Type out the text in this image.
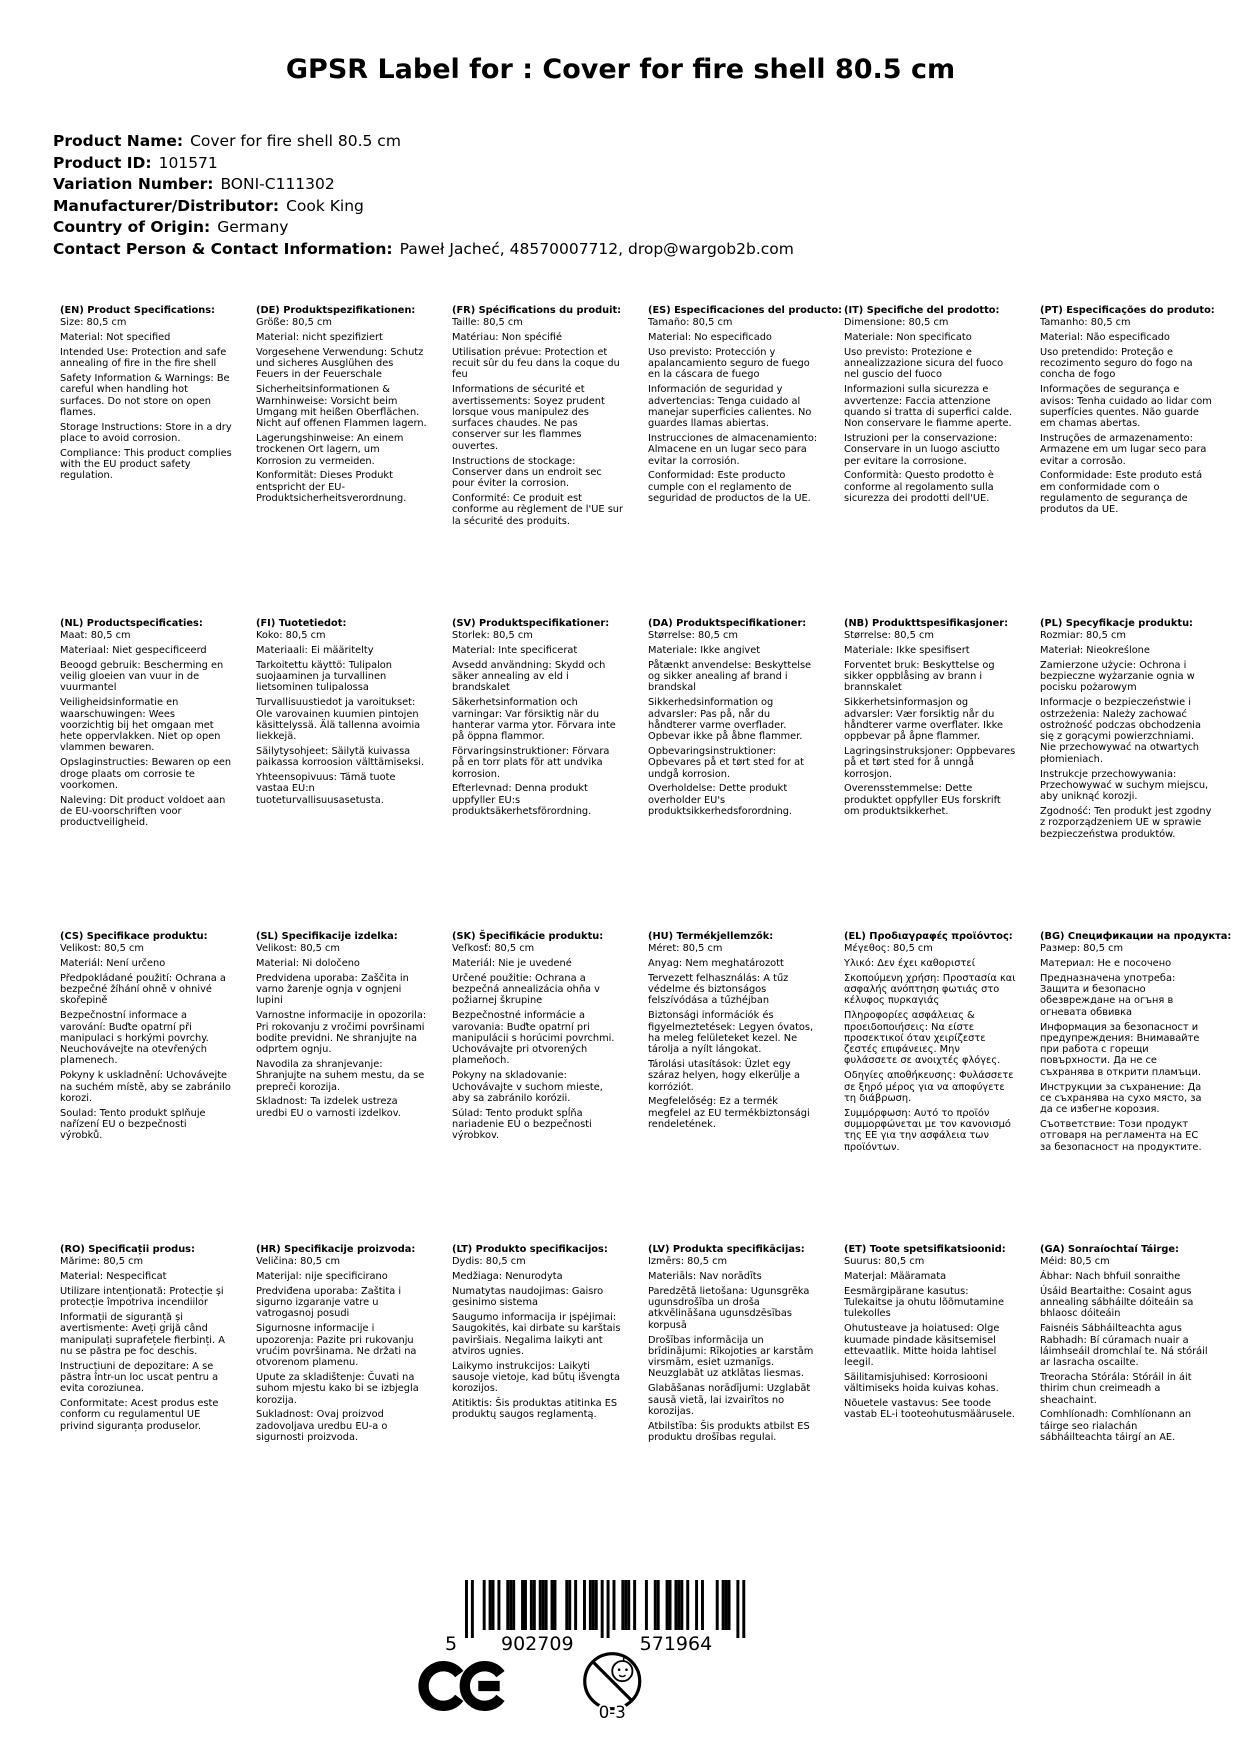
GPSR Label for : Cover for fire shell 80.5 cm
Product Name: Cover for fire shell 80.5 cm
Product ID: 101571
Variation Number: BONI-C111302
Manufacturer/Distributor: Cook King
Country of Origin: Germany
Contact Person & Contact Information: Paweł Jacheć, 48570007712, drop@wargob2b.com
(EN) Product Specifications:

Size: 80,5 cm

Material: Not specified

Intended Use: Protection and safe annealing of fire in the fire shell

Safety Information & Warnings: Be careful when handling hot surfaces. Do not store on open flames.

Storage Instructions: Store in a dry place to avoid corrosion.

Compliance: This product complies with the EU product safety regulation.

(DE) Produktspezifikationen:

Größe: 80,5 cm

Material: nicht spezifiziert

Vorgesehene Verwendung: Schutz und sicheres Ausglühen des Feuers in der Feuerschale

Sicherheitsinformationen & Warnhinweise: Vorsicht beim Umgang mit heißen Oberflächen. Nicht auf offenen Flammen lagern.

Lagerungshinweise: An einem trockenen Ort lagern, um Korrosion zu vermeiden.

Konformität: Dieses Produkt entspricht der EU-Produktsicherheitsverordnung.

(FR) Spécifications du produit:

Taille: 80,5 cm

Matériau: Non spécifié

Utilisation prévue: Protection et recuit sûr du feu dans la coque du feu

Informations de sécurité et avertissements: Soyez prudent lorsque vous manipulez des surfaces chaudes. Ne pas conserver sur les flammes ouvertes.

Instructions de stockage: Conserver dans un endroit sec pour éviter la corrosion.

Conformité: Ce produit est conforme au règlement de l'UE sur la sécurité des produits.

(ES) Especificaciones del producto:

Tamaño: 80,5 cm

Material: No especificado

Uso previsto: Protección y apalancamiento seguro de fuego en la cáscara de fuego

Información de seguridad y advertencias: Tenga cuidado al manejar superficies calientes. No guardes llamas abiertas.

Instrucciones de almacenamiento: Almacene en un lugar seco para evitar la corrosión.

Conformidad: Este producto cumple con el reglamento de seguridad de productos de la UE.

(IT) Specifiche del prodotto:

Dimensione: 80,5 cm

Materiale: Non specificato

Uso previsto: Protezione e annealizzazione sicura del fuoco nel guscio del fuoco

Informazioni sulla sicurezza e avvertenze: Faccia attenzione quando si tratta di superfici calde. Non conservare le fiamme aperte.

Istruzioni per la conservazione: Conservare in un luogo asciutto per evitare la corrosione.

Conformità: Questo prodotto è conforme al regolamento sulla sicurezza dei prodotti dell'UE.

(PT) Especificações do produto:

Tamanho: 80,5 cm

Material: Não especificado

Uso pretendido: Proteção e recozimento seguro do fogo na concha de fogo

Informações de segurança e avisos: Tenha cuidado ao lidar com superfícies quentes. Não guarde em chamas abertas.

Instruções de armazenamento: Armazene em um lugar seco para evitar a corrosão.

Conformidade: Este produto está em conformidade com o regulamento de segurança de produtos da UE.

(NL) Productspecificaties:

Maat: 80,5 cm

Materiaal: Niet gespecificeerd

Beoogd gebruik: Bescherming en veilig gloeien van vuur in de vuurmantel

Veiligheidsinformatie en waarschuwingen: Wees voorzichtig bij het omgaan met hete oppervlakken. Niet op open vlammen bewaren.

Opslaginstructies: Bewaren op een droge plaats om corrosie te voorkomen.

Naleving: Dit product voldoet aan de EU-voorschriften voor productveiligheid.

(FI) Tuotetiedot:

Koko: 80,5 cm

Materiaali: Ei määritelty

Tarkoitettu käyttö: Tulipalon suojaaminen ja turvallinen lietsominen tulipalossa

Turvallisuustiedot ja varoitukset: Ole varovainen kuumien pintojen käsittelyssä. Älä tallenna avoimia liekkejä.

Säilytysohjeet: Säilytä kuivassa paikassa korroosion välttämiseksi.

Yhteensopivuus: Tämä tuote vastaa EU:n tuoteturvallisuusasetusta.

(SV) Produktspecifikationer:

Storlek: 80,5 cm

Material: Inte specificerat

Avsedd användning: Skydd och säker annealing av eld i brandskalet

Säkerhetsinformation och varningar: Var försiktig när du hanterar varma ytor. Förvara inte på öppna flammor.

Förvaringsinstruktioner: Förvara på en torr plats för att undvika korrosion.

Efterlevnad: Denna produkt uppfyller EU:s produktsäkerhetsförordning.

(DA) Produktspecifikationer:

Størrelse: 80,5 cm

Materiale: Ikke angivet

Påtænkt anvendelse: Beskyttelse og sikker anealing af brand i brandskal

Sikkerhedsinformation og advarsler: Pas på, når du håndterer varme overflader. Opbevar ikke på åbne flammer.

Opbevaringsinstruktioner: Opbevares på et tørt sted for at undgå korrosion.

Overholdelse: Dette produkt overholder EU's produktsikkerhedsforordning.

(NB) Produkttspesifikasjoner:

Størrelse: 80,5 cm

Materiale: Ikke spesifisert

Forventet bruk: Beskyttelse og sikker oppblåsing av brann i brannskalet

Sikkerhetsinformasjon og advarsler: Vær forsiktig når du håndterer varme overflater. Ikke oppbevar på åpne flammer.

Lagringsinstruksjoner: Oppbevares på et tørt sted for å unngå korrosjon.

Overensstemmelse: Dette produktet oppfyller EUs forskrift om produktsikkerhet.

(PL) Specyfikacje produktu:

Rozmiar: 80,5 cm

Materiał: Nieokreślone

Zamierzone użycie: Ochrona i bezpieczne wyżarzanie ognia w pocisku pożarowym

Informacje o bezpieczeństwie i ostrzeżenia: Należy zachować ostrożność podczas obchodzenia się z gorącymi powierzchniami. Nie przechowywać na otwartych płomieniach.

Instrukcje przechowywania: Przechowywać w suchym miejscu, aby uniknąć korozji.

Zgodność: Ten produkt jest zgodny z rozporządzeniem UE w sprawie bezpieczeństwa produktów.

(CS) Specifikace produktu:

Velikost: 80,5 cm

Materiál: Není určeno

Předpokládané použití: Ochrana a bezpečné žíhání ohně v ohnivé skořepině

Bezpečnostní informace a varování: Buďte opatrní při manipulaci s horkými povrchy. Neuchovávejte na otevřených plamenech.

Pokyny k uskladnění: Uchovávejte na suchém místě, aby se zabránilo korozi.

Soulad: Tento produkt splňuje nařízení EU o bezpečnosti výrobků.

(SL) Specifikacije izdelka:

Velikost: 80,5 cm

Material: Ni določeno

Predvidena uporaba: Zaščita in varno žarenje ognja v ognjeni lupini

Varnostne informacije in opozorila: Pri rokovanju z vročimi površinami bodite previdni. Ne shranjujte na odprtem ognju.

Navodila za shranjevanje: Shranjujte na suhem mestu, da se prepreči korozija.

Skladnost: Ta izdelek ustreza uredbi EU o varnosti izdelkov.

(SK) Špecifikácie produktu:

Veľkosť: 80,5 cm

Materiál: Nie je uvedené

Určené použitie: Ochrana a bezpečná annealizácia ohňa v požiarnej škrupine

Bezpečnostné informácie a varovania: Buďte opatrní pri manipulácii s horúcimi povrchmi. Uchovávajte pri otvorených plameňoch.

Pokyny na skladovanie: Uchovávajte v suchom mieste, aby sa zabránilo korózii.

Súlad: Tento produkt spĺňa nariadenie EÚ o bezpečnosti výrobkov.

(HU) Termékjellemzők:

Méret: 80,5 cm

Anyag: Nem meghatározott

Tervezett felhasználás: A tűz védelme és biztonságos felszívódása a tűzhéjban

Biztonsági információk és figyelmeztetések: Legyen óvatos, ha meleg felületeket kezel. Ne tárolja a nyílt lángokat.

Tárolási utasítások: Üzlet egy száraz helyen, hogy elkerülje a korróziót.

Megfelelőség: Ez a termék megfelel az EU termékbiztonsági rendeletének.

(EL) Προδιαγραφές προϊόντος:

Μέγεθος: 80,5 cm

Υλικό: Δεν έχει καθοριστεί

Σκοπούμενη χρήση: Προστασία και ασφαλής ανόπτηση φωτιάς στο κέλυφος πυρκαγιάς

Πληροφορίες ασφάλειας & προειδοποιήσεις: Να είστε προσεκτικοί όταν χειρίζεστε ζεστές επιφάνειες. Μην φυλάσσετε σε ανοιχτές φλόγες.

Οδηγίες αποθήκευσης: Φυλάσσετε σε ξηρό μέρος για να αποφύγετε τη διάβρωση.

Συμμόρφωση: Αυτό το προϊόν συμμορφώνεται με τον κανονισμό της ΕΕ για την ασφάλεια των προϊόντων.

(BG) Спецификации на продукта:

Размер: 80,5 cm

Материал: Не е посочено

Предназначена употреба: Защита и безопасно обезвреждане на огъня в огневата обвивка

Информация за безопасност и предупреждения: Внимавайте при работа с горещи повърхности. Да не се съхранява в открити пламъци.

Инструкции за съхранение: Да се съхранява на сухо място, за да се избегне корозия.

Съответствие: Този продукт отговаря на регламента на ЕС за безопасност на продуктите.

(RO) Specificații produs:

Mărime: 80,5 cm

Material: Nespecificat

Utilizare intenționată: Protecție și protecție împotriva incendiilor

Informații de siguranță și avertismente: Aveți grijă când manipulați suprafețele fierbinți. A nu se păstra pe foc deschis.

Instrucțiuni de depozitare: A se păstra într-un loc uscat pentru a evita coroziunea.

Conformitate: Acest produs este conform cu regulamentul UE privind siguranța produselor.

(HR) Specifikacije proizvoda:

Veličina: 80,5 cm

Materijal: nije specificirano

Predviđena uporaba: Zaštita i sigurno izgaranje vatre u vatrogasnoj posudi

Sigurnosne informacije i upozorenja: Pazite pri rukovanju vrućim površinama. Ne držati na otvorenom plamenu.

Upute za skladištenje: Čuvati na suhom mjestu kako bi se izbjegla korozija.

Sukladnost: Ovaj proizvod zadovoljava uredbu EU-a o sigurnosti proizvoda.

(LT) Produkto specifikacijos:

Dydis: 80,5 cm

Medžiaga: Nenurodyta

Numatytas naudojimas: Gaisro gesinimo sistema

Saugumo informacija ir įspėjimai: Saugokitės, kai dirbate su karštais paviršiais. Negalima laikyti ant atviros ugnies.

Laikymo instrukcijos: Laikyti sausoje vietoje, kad būtų išvengta korozijos.

Atitiktis: Šis produktas atitinka ES produktų saugos reglamentą.

(LV) Produkta specifikācijas:

Izmērs: 80,5 cm

Materiāls: Nav norādīts

Paredzētā lietošana: Ugunsgrēka ugunsdrošība un droša atkvēlināšana ugunsdzēsības korpusā

Drošības informācija un brīdinājumi: Rīkojoties ar karstām virsmām, esiet uzmanīgs. Neuzglabāt uz atklātas liesmas.

Glabāšanas norādījumi: Uzglabāt sausā vietā, lai izvairītos no korozijas.

Atbilstība: Šis produkts atbilst ES produktu drošības regulai.

(ET) Toote spetsifikatsioonid:

Suurus: 80,5 cm

Materjal: Määramata

Eesmärgipärane kasutus: Tulekaitse ja ohutu lõõmutamine tulekolles

Ohutusteave ja hoiatused: Olge kuumade pindade käsitsemisel ettevaatlik. Mitte hoida lahtisel leegil.

Säilitamisjuhised: Korrosiooni vältimiseks hoida kuivas kohas.

Nõuetele vastavus: See toode vastab EL-i tooteohutusmäärusele.

(GA) Sonraíochtaí Táirge:

Méid: 80,5 cm

Ábhar: Nach bhfuil sonraithe

Úsáid Beartaithe: Cosaint agus annealing sábháilte dóiteáin sa bhlaosc dóiteáin

Faisnéis Sábháilteachta agus Rabhadh: Bí cúramach nuair a láimhseáil dromchlaí te. Ná stóráil ar lasracha oscailte.

Treoracha Stórála: Stóráil in áit thirim chun creimeadh a sheachaint.

Comhlíonadh: Comhlíonann an táirge seo rialachán sábháilteachta táirgí an AE.

5 902709	571964
0-3
